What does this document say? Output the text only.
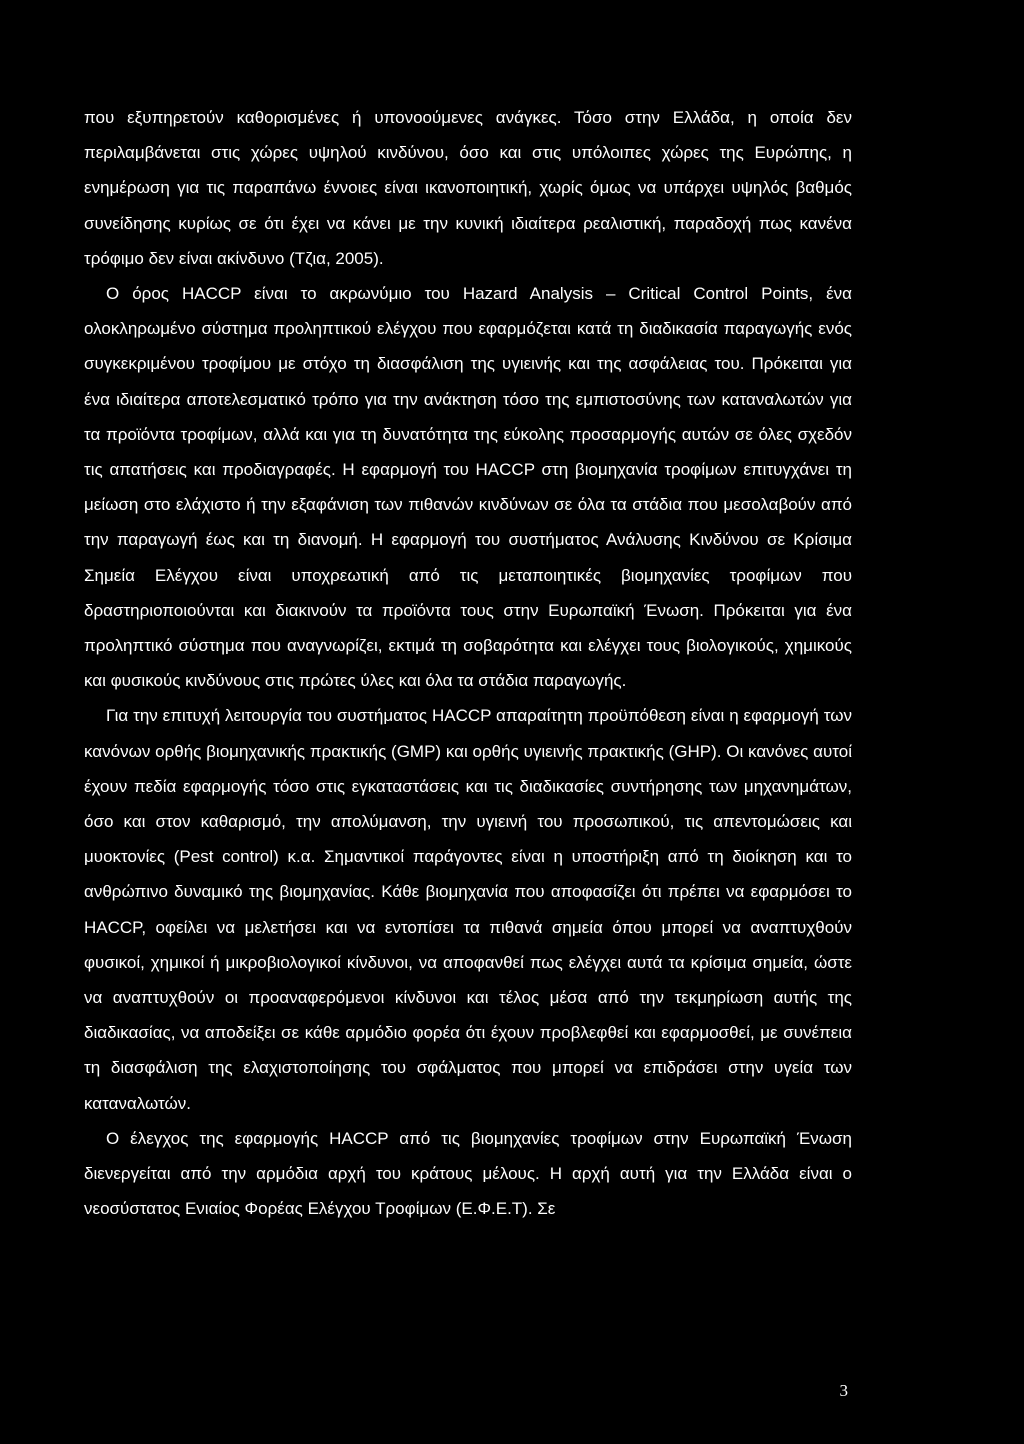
που εξυπηρετούν καθορισμένες ή υπονοούμενες ανάγκες. Τόσο στην Ελλάδα, η οποία δεν περιλαμβάνεται στις χώρες υψηλού κινδύνου, όσο και στις υπόλοιπες χώρες της Ευρώπης, η ενημέρωση για τις παραπάνω έννοιες είναι ικανοποιητική, χωρίς όμως να υπάρχει υψηλός βαθμός συνείδησης κυρίως σε ότι έχει να κάνει με την κυνική ιδιαίτερα ρεαλιστική, παραδοχή πως κανένα τρόφιμο δεν είναι ακίνδυνο (Τζια, 2005).

Ο όρος HACCP είναι το ακρωνύμιο του Hazard Analysis – Critical Control Points, ένα ολοκληρωμένο σύστημα προληπτικού ελέγχου που εφαρμόζεται κατά τη διαδικασία παραγωγής ενός συγκεκριμένου τροφίμου με στόχο τη διασφάλιση της υγιεινής και της ασφάλειας του. Πρόκειται για ένα ιδιαίτερα αποτελεσματικό τρόπο για την ανάκτηση τόσο της εμπιστοσύνης των καταναλωτών για τα προϊόντα τροφίμων, αλλά και για τη δυνατότητα της εύκολης προσαρμογής αυτών σε όλες σχεδόν τις απατήσεις και προδιαγραφές. Η εφαρμογή του HACCP στη βιομηχανία τροφίμων επιτυγχάνει τη μείωση στο ελάχιστο ή την εξαφάνιση των πιθανών κινδύνων σε όλα τα στάδια που μεσολαβούν από την παραγωγή έως και τη διανομή. Η εφαρμογή του συστήματος Ανάλυσης Κινδύνου σε Κρίσιμα Σημεία Ελέγχου είναι υποχρεωτική από τις μεταποιητικές βιομηχανίες τροφίμων που δραστηριοποιούνται και διακινούν τα προϊόντα τους στην Ευρωπαϊκή Ένωση. Πρόκειται για ένα προληπτικό σύστημα που αναγνωρίζει, εκτιμά τη σοβαρότητα και ελέγχει τους βιολογικούς, χημικούς και φυσικούς κινδύνους στις πρώτες ύλες και όλα τα στάδια παραγωγής.

Για την επιτυχή λειτουργία του συστήματος HACCP απαραίτητη προϋπόθεση είναι η εφαρμογή των κανόνων ορθής βιομηχανικής πρακτικής (GMP) και ορθής υγιεινής πρακτικής (GHP). Οι κανόνες αυτοί έχουν πεδία εφαρμογής τόσο στις εγκαταστάσεις και τις διαδικασίες συντήρησης των μηχανημάτων, όσο και στον καθαρισμό, την απολύμανση, την υγιεινή του προσωπικού, τις απεντομώσεις και μυοκτονίες (Pest control) κ.α. Σημαντικοί παράγοντες είναι η υποστήριξη από τη διοίκηση και το ανθρώπινο δυναμικό της βιομηχανίας. Κάθε βιομηχανία που αποφασίζει ότι πρέπει να εφαρμόσει το HACCP, οφείλει να μελετήσει και να εντοπίσει τα πιθανά σημεία όπου μπορεί να αναπτυχθούν φυσικοί, χημικοί ή μικροβιολογικοί κίνδυνοι, να αποφανθεί πως ελέγχει αυτά τα κρίσιμα σημεία, ώστε να αναπτυχθούν οι προαναφερόμενοι κίνδυνοι και τέλος μέσα από την τεκμηρίωση αυτής της διαδικασίας, να αποδείξει σε κάθε αρμόδιο φορέα ότι έχουν προβλεφθεί και εφαρμοσθεί, με συνέπεια τη διασφάλιση της ελαχιστοποίησης του σφάλματος που μπορεί να επιδράσει στην υγεία των καταναλωτών.

Ο έλεγχος της εφαρμογής HACCP από τις βιομηχανίες τροφίμων στην Ευρωπαϊκή Ένωση διενεργείται από την αρμόδια αρχή του κράτους μέλους. Η αρχή αυτή για την Ελλάδα είναι ο νεοσύστατος Ενιαίος Φορέας Ελέγχου Τροφίμων (Ε.Φ.Ε.Τ). Σε

3
